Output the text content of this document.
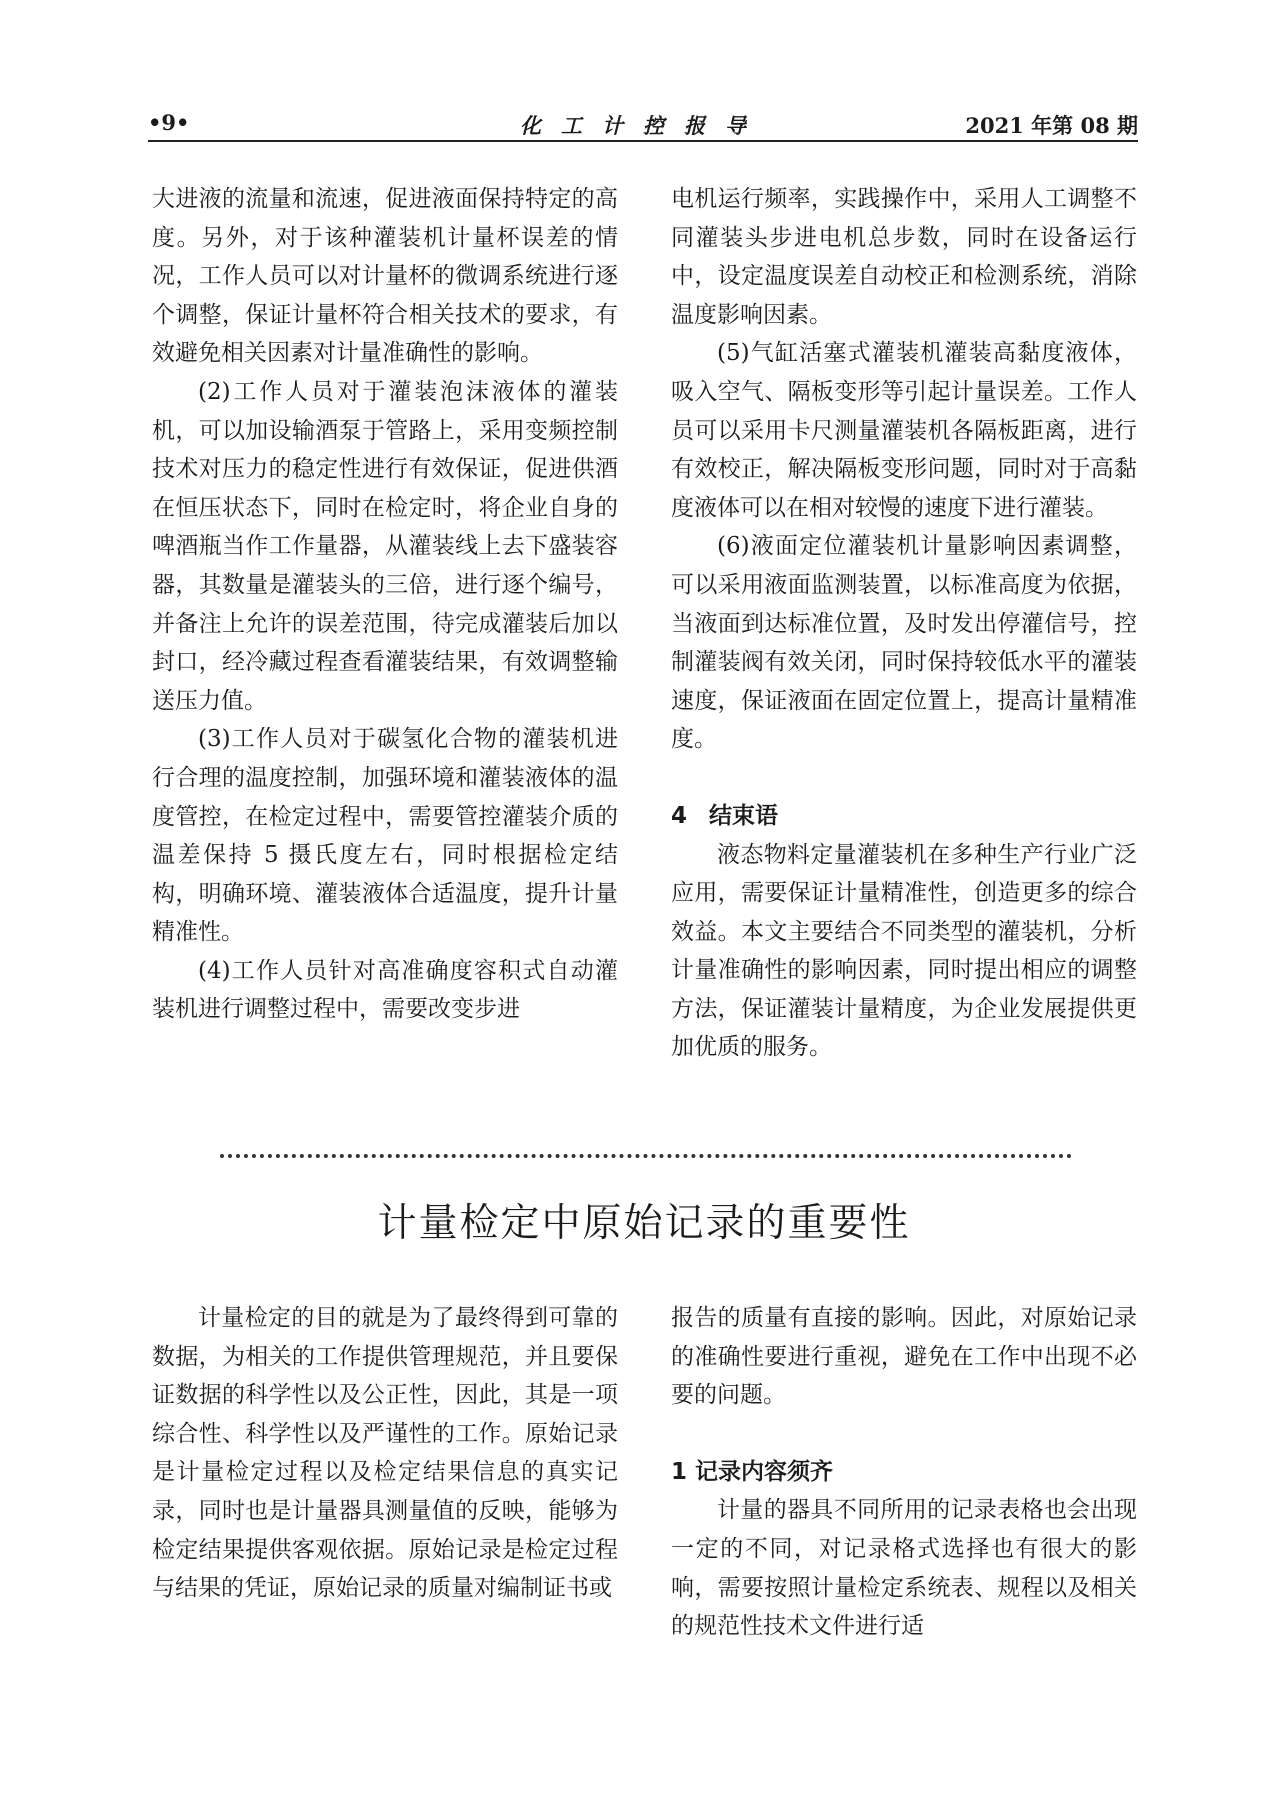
•9•	化工计控报导	2021 年第 08 期

大进液的流量和流速，促进液面保持特定的高度。另外，对于该种灌装机计量杯误差的情况，工作人员可以对计量杯的微调系统进行逐个调整，保证计量杯符合相关技术的要求，有效避免相关因素对计量准确性的影响。

(2)工作人员对于灌装泡沫液体的灌装机，可以加设输酒泵于管路上，采用变频控制技术对压力的稳定性进行有效保证，促进供酒在恒压状态下，同时在检定时，将企业自身的啤酒瓶当作工作量器，从灌装线上去下盛装容器，其数量是灌装头的三倍，进行逐个编号，并备注上允许的误差范围，待完成灌装后加以封口，经冷藏过程查看灌装结果，有效调整输送压力值。

(3)工作人员对于碳氢化合物的灌装机进行合理的温度控制，加强环境和灌装液体的温度管控，在检定过程中，需要管控灌装介质的温差保持 5 摄氏度左右，同时根据检定结构，明确环境、灌装液体合适温度，提升计量精准性。

(4)工作人员针对高准确度容积式自动灌装机进行调整过程中，需要改变步进

电机运行频率，实践操作中，采用人工调整不同灌装头步进电机总步数，同时在设备运行中，设定温度误差自动校正和检测系统，消除温度影响因素。

(5)气缸活塞式灌装机灌装高黏度液体，吸入空气、隔板变形等引起计量误差。工作人员可以采用卡尺测量灌装机各隔板距离，进行有效校正，解决隔板变形问题，同时对于高黏度液体可以在相对较慢的速度下进行灌装。

(6)液面定位灌装机计量影响因素调整，可以采用液面监测装置，以标准高度为依据，当液面到达标准位置，及时发出停灌信号，控制灌装阀有效关闭，同时保持较低水平的灌装速度，保证液面在固定位置上，提高计量精准度。

4 结束语

液态物料定量灌装机在多种生产行业广泛应用，需要保证计量精准性，创造更多的综合效益。本文主要结合不同类型的灌装机，分析计量准确性的影响因素，同时提出相应的调整方法，保证灌装计量精度，为企业发展提供更加优质的服务。

计量检定中原始记录的重要性

计量检定的目的就是为了最终得到可靠的数据，为相关的工作提供管理规范，并且要保证数据的科学性以及公正性，因此，其是一项综合性、科学性以及严谨性的工作。原始记录是计量检定过程以及检定结果信息的真实记录，同时也是计量器具测量值的反映，能够为检定结果提供客观依据。原始记录是检定过程与结果的凭证，原始记录的质量对编制证书或

报告的质量有直接的影响。因此，对原始记录的准确性要进行重视，避免在工作中出现不必要的问题。

1 记录内容须齐

计量的器具不同所用的记录表格也会出现一定的不同，对记录格式选择也有很大的影响，需要按照计量检定系统表、规程以及相关的规范性技术文件进行适
